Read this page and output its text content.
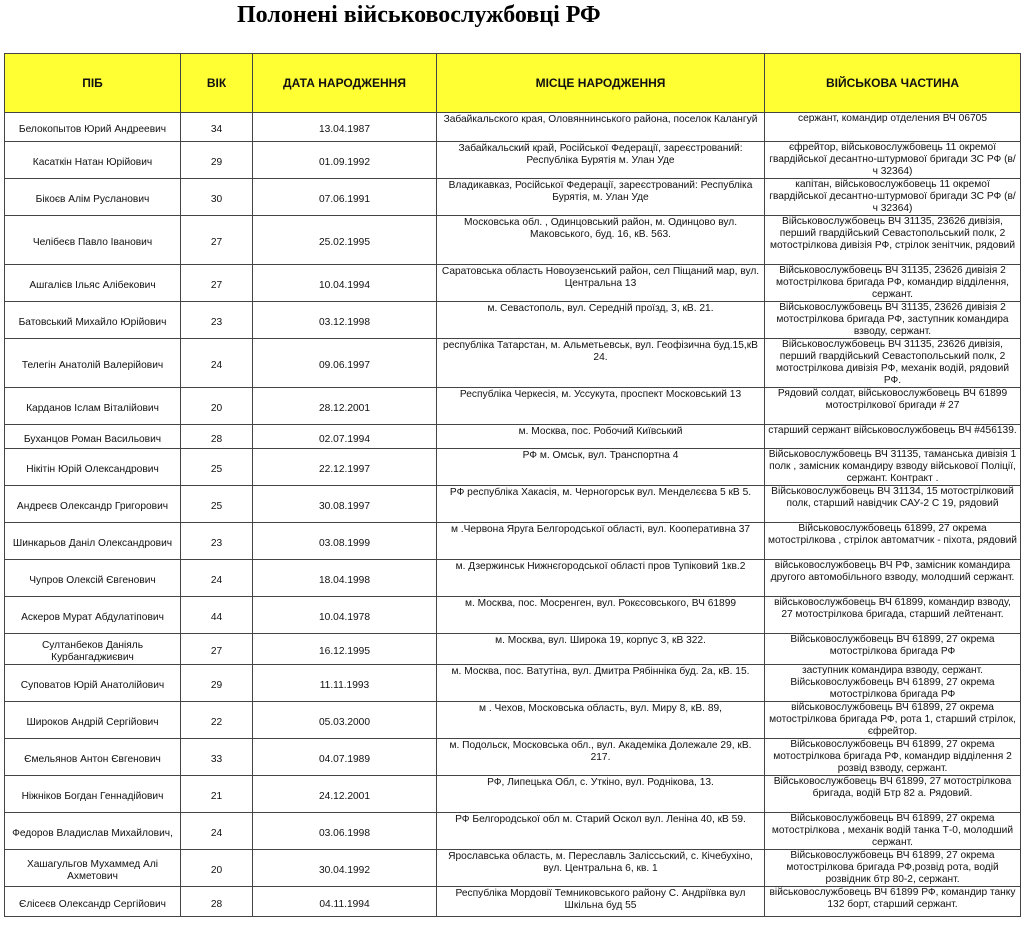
Полонені військовослужбовці РФ
ПІБ	ВІК	ДАТА НАРОДЖЕННЯ	МІСЦЕ НАРОДЖЕННЯ	ВІЙСЬКОВА ЧАСТИНА
Белокопытов Юрий Андреевич	34	13.04.1987	Забайкальского края, Оловяннинського района, поселок Калангуй	сержант, командир отделения ВЧ 06705
Касаткін Натан Юрійович	29	01.09.1992	Забайкальский край, Російської Федерації, зареєстрований: Республіка Бурятія м. Улан Уде	єфрейтор, військовослужбовець 11 окремої гвардійської десантно-штурмової бригади ЗС РФ (в/ч 32364)
Бікоєв Алім Русланович	30	07.06.1991	Владикавказ, Російської Федерації, зареєстрований: Республіка Бурятія, м. Улан Уде	капітан, військовослужбовець 11 окремої гвардійської десантно-штурмової бригади ЗС РФ (в/ч 32364)
Челібеєв Павло Іванович	27	25.02.1995	Московська обл. , Одинцовський район, м. Одинцово вул. Маковського, буд. 16, кВ. 563.	Військовослужбовець ВЧ 31135, 23626 дивізія, перший гвардійський Севастопольський полк, 2 мотострілкова дивізія РФ, стрілок зенітчик, рядовий
Ашгалієв Ільяс Алібекович	27	10.04.1994	Саратовська область Новоузенський район, сел Піщаний мар, вул. Центральна 13	Військовослужбовець ВЧ 31135, 23626 дивізія 2 мотострілкова бригада РФ, командир відділення, сержант.
Батовський Михайло Юрійович	23	03.12.1998	м. Севастополь, вул. Середній проїзд, 3, кВ. 21.	Військовослужбовець ВЧ 31135, 23626 дивізія 2 мотострілкова бригада РФ, заступник командира взводу, сержант.
Телегін Анатолій Валерійович	24	09.06.1997	республіка Татарстан, м. Альметьевськ, вул. Геофізична буд.15,кВ 24.	Військовослужбовець ВЧ 31135, 23626 дивізія, перший гвардійський Севастопольський полк, 2 мотострілкова дивізія РФ, механік водій, рядовий РФ.
Карданов Іслам Віталійович	20	28.12.2001	Республіка Черкесія, м. Уссукута, проспект Московський 13	Рядовий солдат, військовослужбовець ВЧ 61899 мотострілкової бригади # 27
Буханцов Роман Васильович	28	02.07.1994	м. Москва, пос. Робочий Київський	старший сержант військовослужбовець ВЧ #456139.
Нікітін Юрій Олександрович	25	22.12.1997	РФ м. Омськ, вул. Транспортна 4	Військовослужбовець ВЧ 31135, таманська дивізія 1 полк , замісник командиру взводу військової Поліції, сержант. Контракт .
Андреєв Олександр Григорович	25	30.08.1997	РФ республіка Хакасія, м. Черногорськ вул. Менделєєва 5 кВ 5.	Військовослужбовець ВЧ 31134, 15 мотострілковий полк, старший навідчик САУ-2 С 19, рядовий
Шинкарьов Даніл Олександрович	23	03.08.1999	м .Червона Яруга Белгородської області, вул. Кооперативна 37	Військовослужбовець 61899, 27 окрема мотострілкова , стрілок автоматчик - піхота, рядовий
Чупров Олексій Євгенович	24	18.04.1998	м. Дзержинськ Нижнєгородської області пров Тупіковий 1кв.2	військовослужбовець ВЧ РФ, замісник командира другого автомобільного взводу, молодший сержант.
Аскеров Мурат Абдулатіпович	44	10.04.1978	м. Москва, пос. Мосренген, вул. Рокєсовського, ВЧ 61899	військовослужбовець ВЧ 61899, командир взводу, 27 мотострілкова бригада, старший лейтенант.
Султанбеков Даніяль Курбангаджиєвич	27	16.12.1995	м. Москва, вул. Широка 19, корпус 3, кВ 322.	Військовослужбовець ВЧ 61899, 27 окрема мотострілкова бригада РФ
Суповатов Юрій Анатолійович	29	11.11.1993	м. Москва, пос. Ватутіна, вул. Дмитра Рябінніка буд. 2а, кВ. 15.	заступник командира взводу, сержант. Військовослужбовець ВЧ 61899, 27 окрема мотострілкова бригада РФ
Широков Андрій Сергійович	22	05.03.2000	м . Чехов, Московська область, вул. Миру 8, кВ. 89,	військовослужбовець ВЧ 61899, 27 окрема мотострілкова бригада РФ, рота 1, старший стрілок, єфрейтор.
Ємельянов Антон Євгенович	33	04.07.1989	м. Подольск, Московська обл., вул. Академіка Долежале 29, кВ. 217.	Військовослужбовець ВЧ 61899, 27 окрема мотострілкова бригада РФ, командир відділення 2 розвід взводу, сержант.
Ніжніков Богдан Геннадійович	21	24.12.2001	РФ, Липецька Обл, с. Уткіно, вул. Роднікова, 13.	Військовослужбовець ВЧ 61899, 27 мотострілкова бригада, водій Бтр 82 а. Рядовий.
Федоров Владислав Михайлович,	24	03.06.1998	РФ Белгородської обл м. Старий Оскол вул. Леніна 40, кВ 59.	Військовослужбовець ВЧ 61899, 27 окрема мотострілкова , механік водій танка Т-0, молодший сержант.
Хашагульгов Мухаммед Алі Ахметович	20	30.04.1992	Ярославська область, м. Переславль Заліссьский, с. Кічебухіно, вул. Центральна 6, кв. 1	Військовослужбовець ВЧ 61899, 27 окрема мотострілкова бригада РФ,розвід рота, водій розвідник бтр 80-2, сержант.
Єлісеєв Олександр Сергійович	28	04.11.1994	Республіка Мордовії Темниковського району С. Андріївка вул Шкільна буд 55	військовослужбовець ВЧ 61899 РФ, командир танку 132 борт, старший сержант.
